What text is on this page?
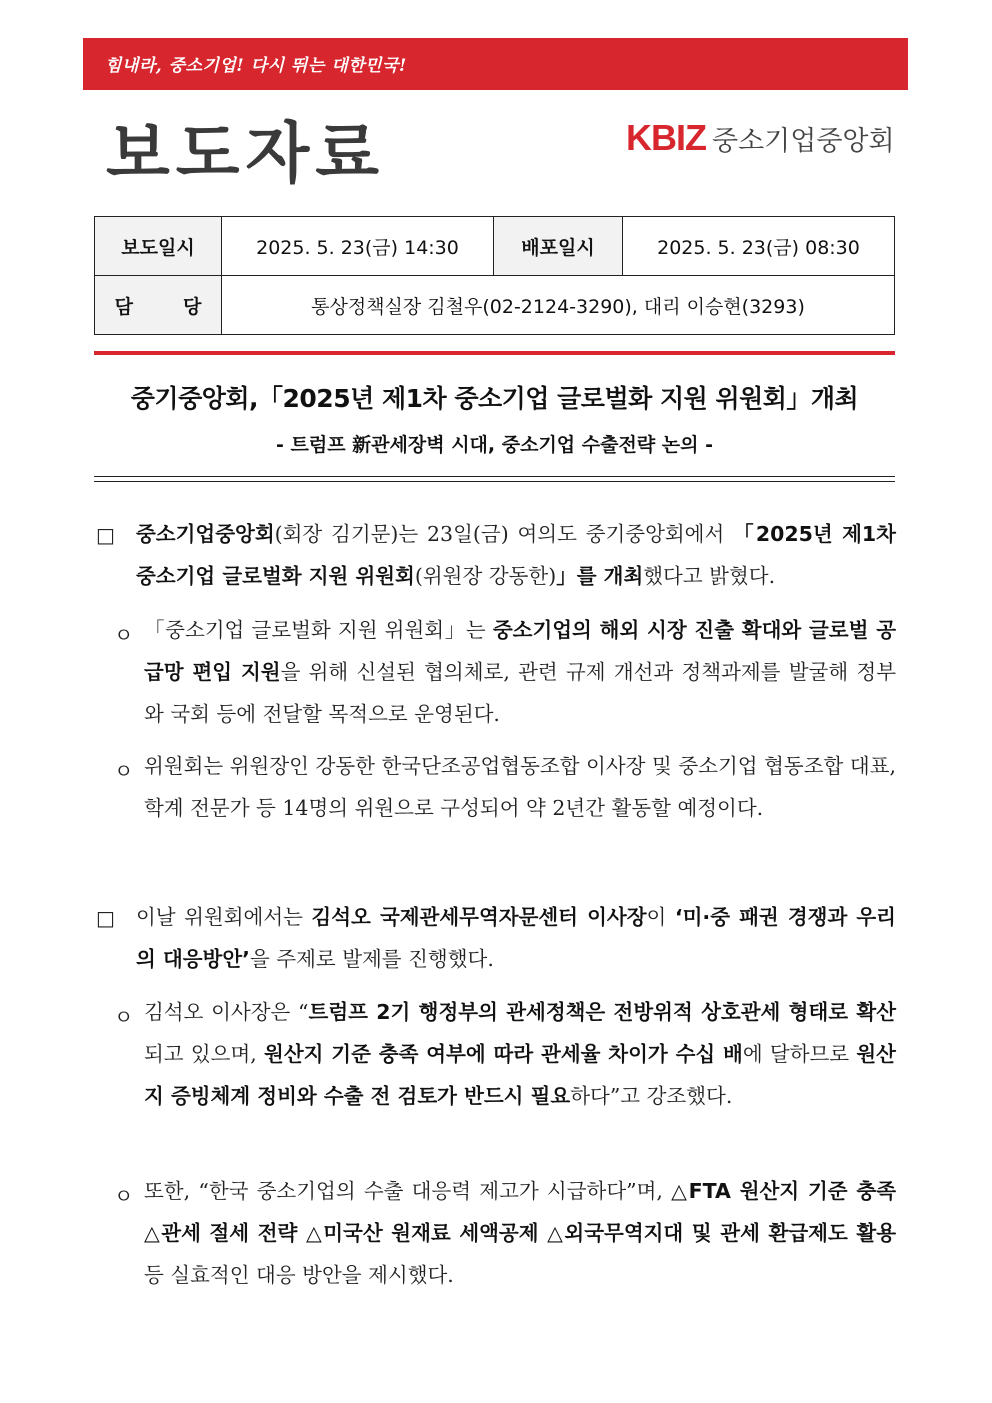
힘내라, 중소기업! 다시 뛰는 대한민국!
보도자료	KBIZ 중소기업중앙회
보도일시	2025. 5. 23(금) 14:30	배포일시	2025. 5. 23(금) 08:30
담 당	통상정책실장 김철우(02-2124-3290), 대리 이승현(3293)		
중기중앙회,「2025년 제1차 중소기업 글로벌화 지원 위원회」개최
- 트럼프 新관세장벽 시대, 중소기업 수출전략 논의 -
□ 중소기업중앙회(회장 김기문)는 23일(금) 여의도 중기중앙회에서 「2025년 제1차 중소기업 글로벌화 지원 위원회(위원장 강동한)」를 개최했다고 밝혔다.
ㅇ 「중소기업 글로벌화 지원 위원회」는 중소기업의 해외 시장 진출 확대와 글로벌 공급망 편입 지원을 위해 신설된 협의체로, 관련 규제 개선과 정책과제를 발굴해 정부와 국회 등에 전달할 목적으로 운영된다.
ㅇ 위원회는 위원장인 강동한 한국단조공업협동조합 이사장 및 중소기업 협동조합 대표, 학계 전문가 등 14명의 위원으로 구성되어 약 2년간 활동할 예정이다.
□ 이날 위원회에서는 김석오 국제관세무역자문센터 이사장이 ‘미·중 패권 경쟁과 우리의 대응방안’을 주제로 발제를 진행했다.
ㅇ 김석오 이사장은 “트럼프 2기 행정부의 관세정책은 전방위적 상호관세 형태로 확산되고 있으며, 원산지 기준 충족 여부에 따라 관세율 차이가 수십 배에 달하므로 원산지 증빙체계 정비와 수출 전 검토가 반드시 필요하다”고 강조했다.
ㅇ 또한, “한국 중소기업의 수출 대응력 제고가 시급하다”며, △FTA 원산지 기준 충족 △관세 절세 전략 △미국산 원재료 세액공제 △외국무역지대 및 관세 환급제도 활용 등 실효적인 대응 방안을 제시했다.
